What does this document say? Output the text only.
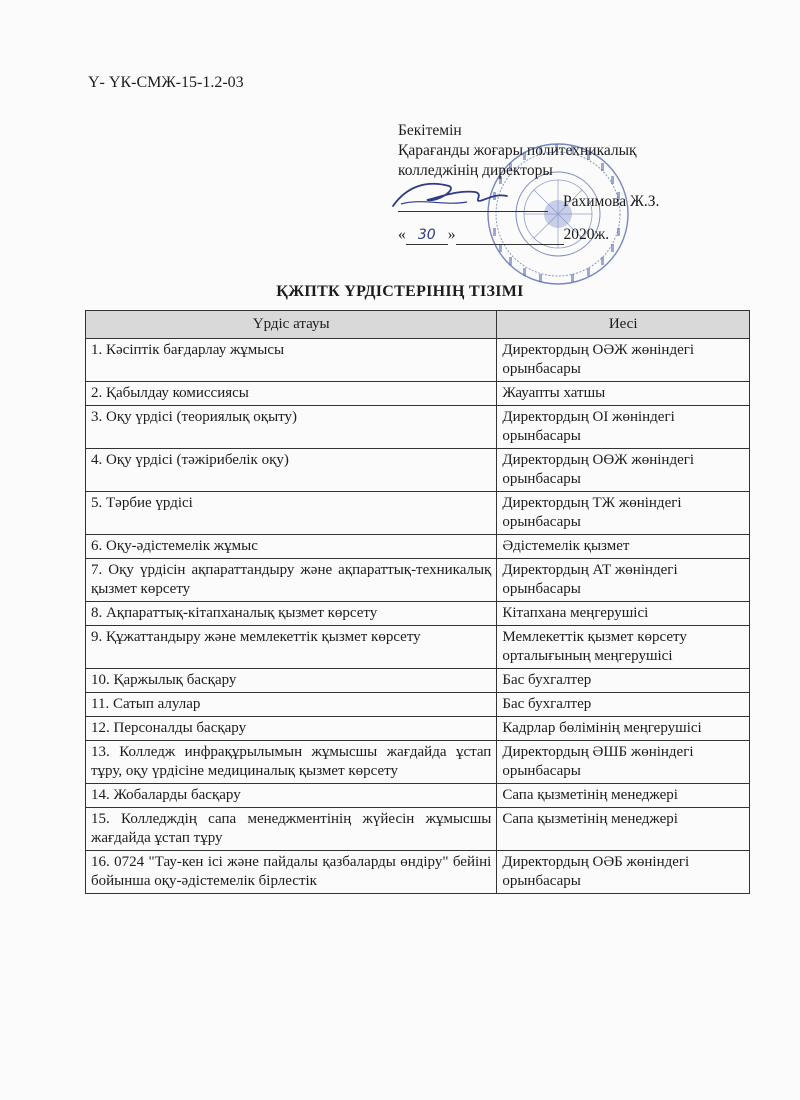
Ү- ҮК-СМЖ-15-1.2-03
Бекітемін
Қарағанды жоғары политехникалық
колледжінің директоры
Рахимова Ж.З.
« 30 »	2020ж.
ҚЖПТК ҮРДІСТЕРІНІҢ ТІЗІМІ
Үрдіс атауы	Иесі
1. Кәсіптік бағдарлау жұмысы	Директордың ОӘЖ жөніндегі орынбасары
2. Қабылдау комиссиясы	Жауапты хатшы
3. Оқу үрдісі (теориялық оқыту)	Директордың ОІ жөніндегі орынбасары
4. Оқу үрдісі (тәжірибелік оқу)	Директордың ОӨЖ жөніндегі орынбасары
5. Тәрбие үрдісі	Директордың ТЖ жөніндегі орынбасары
6. Оқу-әдістемелік жұмыс	Әдістемелік қызмет
7. Оқу үрдісін ақпараттандыру және ақпараттық-техникалық қызмет көрсету	Директордың АТ жөніндегі орынбасары
8. Ақпараттық-кітапханалық қызмет көрсету	Кітапхана меңгерушісі
9. Құжаттандыру және мемлекеттік қызмет көрсету	Мемлекеттік қызмет көрсету орталығының меңгерушісі
10. Қаржылық басқару	Бас бухгалтер
11. Сатып алулар	Бас бухгалтер
12. Персоналды басқару	Кадрлар бөлімінің меңгерушісі
13. Колледж инфрақұрылымын жұмысшы жағдайда ұстап тұру, оқу үрдісіне медициналық қызмет көрсету	Директордың ӘШБ жөніндегі орынбасары
14. Жобаларды басқару	Сапа қызметінің менеджері
15. Колледждің сапа менеджментінің жүйесін жұмысшы жағдайда ұстап тұру	Сапа қызметінің менеджері
16. 0724 "Тау-кен ісі және пайдалы қазбаларды өндіру" бейіні бойынша оқу-әдістемелік бірлестік	Директордың ОӘБ жөніндегі орынбасары
